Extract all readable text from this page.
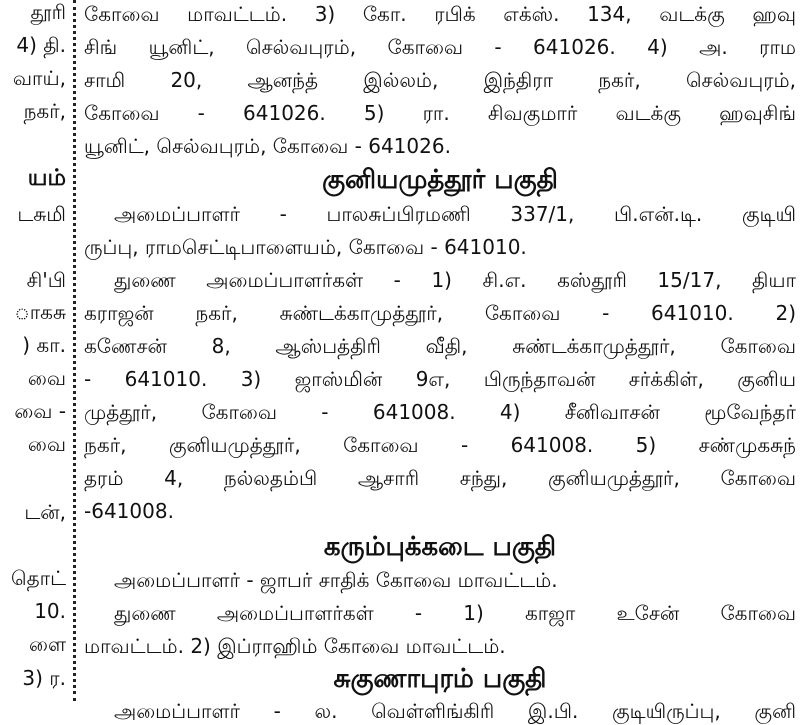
தூரி
4) தி.
வாய்,
நகர்,
யம்
டசுமி
சி'பி
ாகசு
) கா.
வை
வை -
வை
டன்,
தொட்
10.
ளை
3) ர.
கோவை மாவட்டம். 3) கோ. ரபிக் எக்ஸ். 134, வடக்கு ஹவு
சிங் யூனிட், செல்வபுரம், கோவை - 641026. 4) அ. ராம
சாமி 20, ஆனந்த் இல்லம், இந்திரா நகர், செல்வபுரம்,
கோவை - 641026. 5) ரா. சிவகுமார் வடக்கு ஹவுசிங்
யூனிட், செல்வபுரம், கோவை - 641026.
குனியமுத்தூர் பகுதி
அமைப்பாளர் - பாலசுப்பிரமணி 337/1, பி.என்.டி. குடியி
ருப்பு, ராமசெட்டிபாளையம், கோவை - 641010.
துணை அமைப்பாளர்கள் - 1) சி.எ. கஸ்தூரி 15/17, தியா
கராஜன் நகர், சுண்டக்காமுத்தூர், கோவை - 641010. 2)
கணேசன் 8, ஆஸ்பத்திரி வீதி, சுண்டக்காமுத்தூர், கோவை
- 641010. 3) ஜாஸ்மின் 9எ, பிருந்தாவன் சர்க்கிள், குனிய
முத்தூர், கோவை - 641008. 4) சீனிவாசன் மூவேந்தர்
நகர், குனியமுத்தூர், கோவை - 641008. 5) சண்முகசுந்
தரம் 4, நல்லதம்பி ஆசாரி சந்து, குனியமுத்தூர், கோவை
-641008.
கரும்புக்கடை பகுதி
அமைப்பாளர் - ஜாபர் சாதிக் கோவை மாவட்டம்.
துணை அமைப்பாளர்கள் - 1) காஜா உசேன் கோவை
மாவட்டம். 2) இப்ராஹிம் கோவை மாவட்டம்.
சுகுணாபுரம் பகுதி
அமைப்பாளர் - ல. வெள்ளிங்கிரி இ.பி. குடியிருப்பு, குனி
